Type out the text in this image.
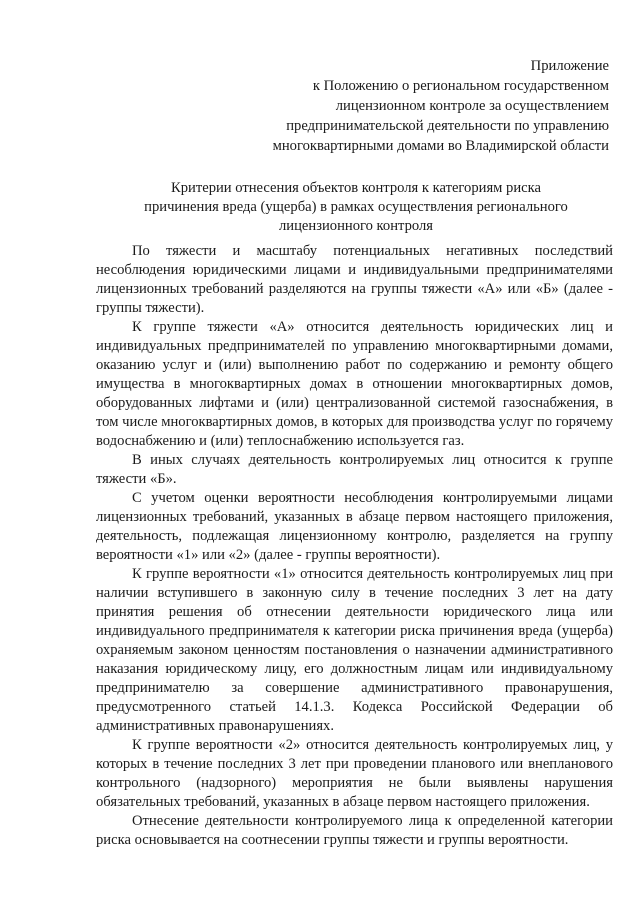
Приложение
к Положению о региональном государственном
лицензионном контроле за осуществлением
предпринимательской деятельности по управлению
многоквартирными домами во Владимирской области
Критерии отнесения объектов контроля к категориям риска
причинения вреда (ущерба) в рамках осуществления регионального
лицензионного контроля

По тяжести и масштабу потенциальных негативных последствий несоблюдения юридическими лицами и индивидуальными предпринимателями лицензионных требований разделяются на группы тяжести «А» или «Б» (далее - группы тяжести).

К группе тяжести «А» относится деятельность юридических лиц и индивидуальных предпринимателей по управлению многоквартирными домами, оказанию услуг и (или) выполнению работ по содержанию и ремонту общего имущества в многоквартирных домах в отношении многоквартирных домов, оборудованных лифтами и (или) централизованной системой газоснабжения, в том числе многоквартирных домов, в которых для производства услуг по горячему водоснабжению и (или) теплоснабжению используется газ.

В иных случаях деятельность контролируемых лиц относится к группе тяжести «Б».

С учетом оценки вероятности несоблюдения контролируемыми лицами лицензионных требований, указанных в абзаце первом настоящего приложения, деятельность, подлежащая лицензионному контролю, разделяется на группу вероятности «1» или «2» (далее - группы вероятности).

К группе вероятности «1» относится деятельность контролируемых лиц при наличии вступившего в законную силу в течение последних 3 лет на дату принятия решения об отнесении деятельности юридического лица или индивидуального предпринимателя к категории риска причинения вреда (ущерба) охраняемым законом ценностям постановления о назначении административного наказания юридическому лицу, его должностным лицам или индивидуальному предпринимателю за совершение административного правонарушения, предусмотренного статьей 14.1.3. Кодекса Российской Федерации об административных правонарушениях.

К группе вероятности «2» относится деятельность контролируемых лиц, у которых в течение последних 3 лет при проведении планового или внепланового контрольного (надзорного) мероприятия не были выявлены нарушения обязательных требований, указанных в абзаце первом настоящего приложения.

Отнесение деятельности контролируемого лица к определенной категории риска основывается на соотнесении группы тяжести и группы вероятности.
